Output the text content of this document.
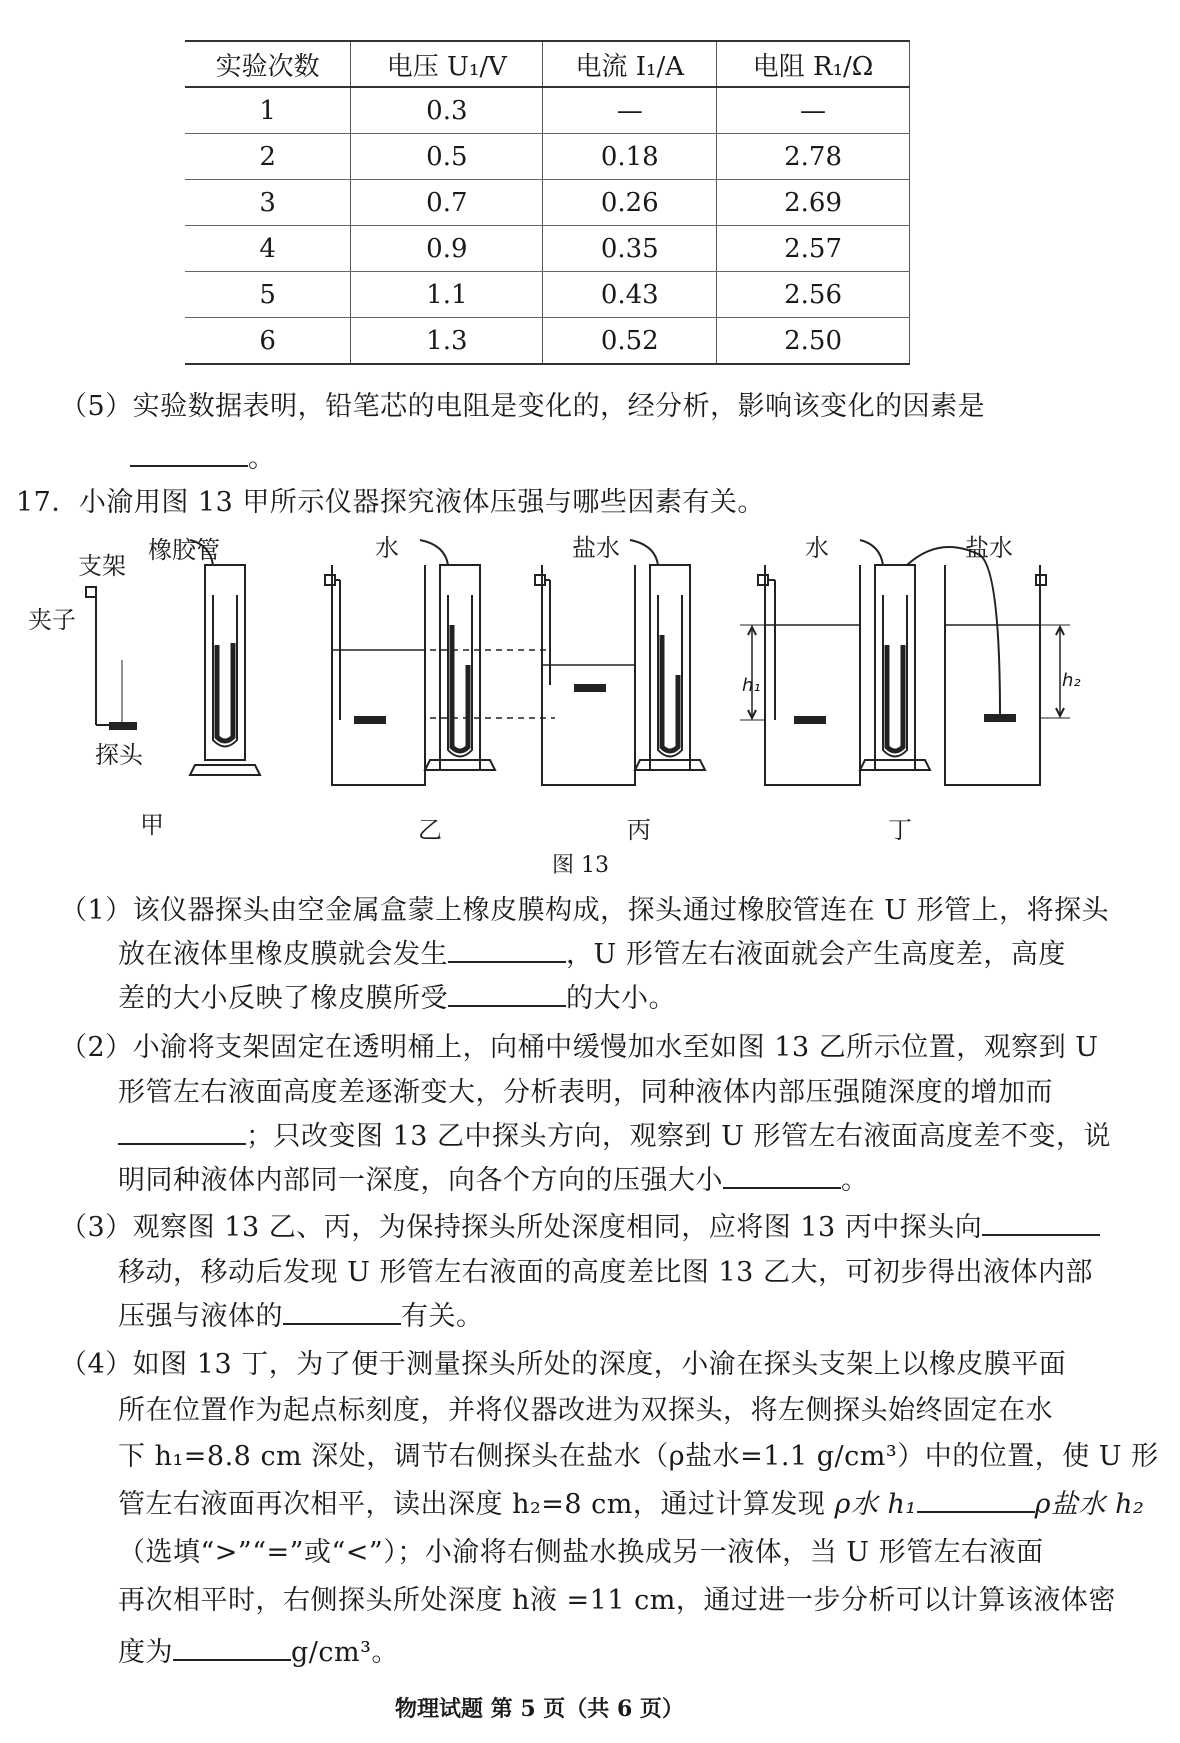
实验次数	电压 U₁/V	电流 I₁/A	电阻 R₁/Ω
1	0.3	—	—
2	0.5	0.18	2.78
3	0.7	0.26	2.69
4	0.9	0.35	2.57
5	1.1	0.43	2.56
6	1.3	0.52	2.50
（5）实验数据表明，铅笔芯的电阻是变化的，经分析，影响该变化的因素是
。
17．小渝用图 13 甲所示仪器探究液体压强与哪些因素有关。
支架
夹子
探头
橡胶管	水	盐水	水	盐水
h₁	h₂
甲	乙	丙	丁
图 13
（1）该仪器探头由空金属盒蒙上橡皮膜构成，探头通过橡胶管连在 U 形管上，将探头
放在液体里橡皮膜就会发生	，U 形管左右液面就会产生高度差，高度
差的大小反映了橡皮膜所受	的大小。
（2）小渝将支架固定在透明桶上，向桶中缓慢加水至如图 13 乙所示位置，观察到 U
形管左右液面高度差逐渐变大，分析表明，同种液体内部压强随深度的增加而
；只改变图 13 乙中探头方向，观察到 U 形管左右液面高度差不变，说
明同种液体内部同一深度，向各个方向的压强大小	。
（3）观察图 13 乙、丙，为保持探头所处深度相同，应将图 13 丙中探头向
移动，移动后发现 U 形管左右液面的高度差比图 13 乙大，可初步得出液体内部
压强与液体的	有关。
（4）如图 13 丁，为了便于测量探头所处的深度，小渝在探头支架上以橡皮膜平面
所在位置作为起点标刻度，并将仪器改进为双探头，将左侧探头始终固定在水
下 h₁=8.8 cm 深处，调节右侧探头在盐水（ρ盐水=1.1 g/cm³）中的位置，使 U 形
管左右液面再次相平，读出深度 h₂=8 cm，通过计算发现 ρ水 h₁	ρ盐水 h₂
（选填“>”“=”或“<”）；小渝将右侧盐水换成另一液体，当 U 形管左右液面
再次相平时，右侧探头所处深度 h液 =11 cm，通过进一步分析可以计算该液体密
度为	g/cm³。
物理试题 第 5 页（共 6 页）
